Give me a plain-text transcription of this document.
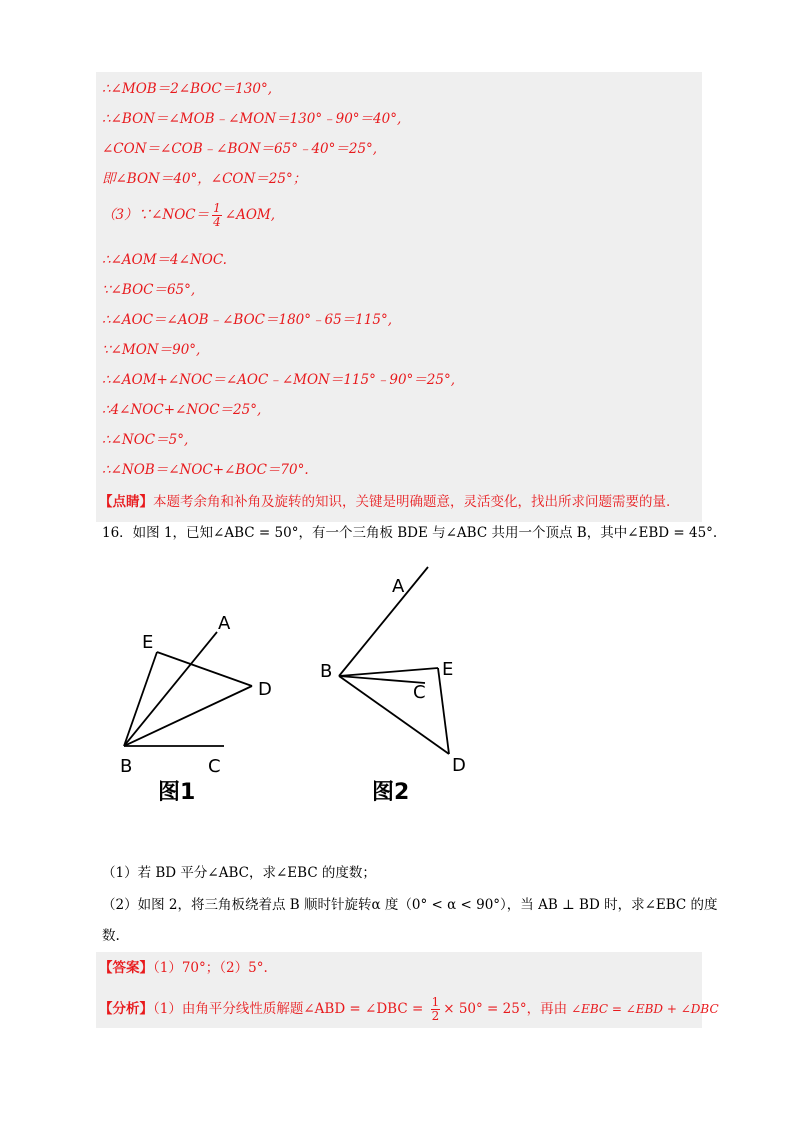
∴∠MOB＝2∠BOC＝130°,
∴∠BON＝∠MOB﹣∠MON＝130°﹣90°＝40°,
∠CON＝∠COB﹣∠BON＝65°﹣40°＝25°,
即∠BON＝40°，∠CON＝25°；
（3）∵∠NOC＝ $\frac{1}{4}$ ∠AOM,
∴∠AOM＝4∠NOC.
∵∠BOC＝65°,
∴∠AOC＝∠AOB﹣∠BOC＝180°﹣65＝115°,
∵∠MON＝90°,
∴∠AOM+∠NOC＝∠AOC﹣∠MON＝115°﹣90°＝25°,
∴4∠NOC+∠NOC＝25°,
∴∠NOC＝5°,
∴∠NOB＝∠NOC+∠BOC＝70°.
【点睛】本题考余角和补角及旋转的知识，关键是明确题意，灵活变化，找出所求问题需要的量.
16．如图 1，已知∠ABC = 50°，有一个三角板 BDE 与∠ABC 共用一个顶点 B，其中∠EBD = 45°.
A
E
D
B	C
图1
A
B	E
C
D
图2
（1）若 BD 平分∠ABC，求∠EBC 的度数；
（2）如图 2，将三角板绕着点 B 顺时针旋转α 度（0° < α < 90°），当 AB ⊥ BD 时，求∠EBC 的度
数.
【答案】（1）70°；（2）5°.
【分析】（1）由角平分线性质解题∠ABD = ∠DBC = $\frac{1}{2} \times 50^\circ = 25^\circ$，再由 ∠EBC = ∠EBD + ∠DBC
